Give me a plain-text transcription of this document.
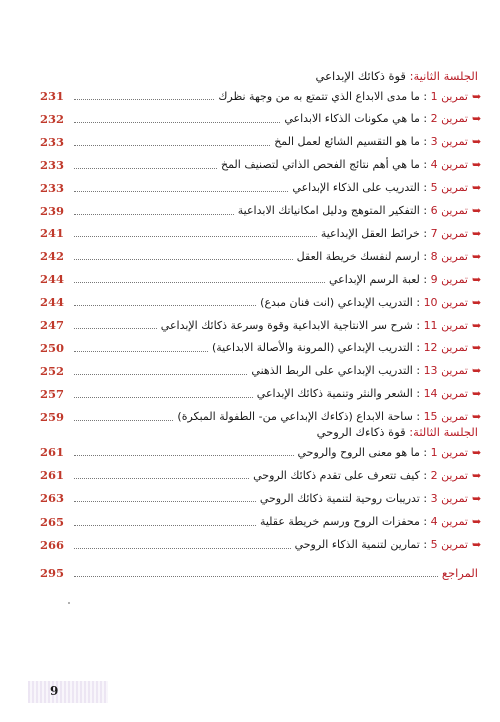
الجلسة الثانية: قوة ذكائك الإبداعي
➥
تمرين 1 : ما مدى الابداع الذي تتمتع به من وجهة نظرك
231
➥
تمرين 2 : ما هي مكونات الذكاء الابداعي
232
➥
تمرين 3 : ما هو التقسيم الشائع لعمل المخ
233
➥
تمرين 4 : ما هي أهم نتائج الفحص الذاتي لتصنيف المخ
233
➥
تمرين 5 : التدريب على الذكاء الإبداعي
233
➥
تمرين 6 : التفكير المتوهج ودليل امكانياتك الابداعية
239
➥
تمرين 7 : خرائط العقل الإبداعية
241
➥
تمرين 8 : ارسم لنفسك خريطة العقل
242
➥
تمرين 9 : لعبة الرسم الإبداعي
244
➥
تمرين 10 : التدريب الإبداعي (انت فنان مبدع)
244
➥
تمرين 11 : شرح سر الانتاجية الابداعية وقوة وسرعة ذكائك الإبداعي
247
➥
تمرين 12 : التدريب الإبداعي (المرونة والأصالة الابداعية)
250
➥
تمرين 13 : التدريب الإبداعي على الربط الذهني
252
➥
تمرين 14 : الشعر والنثر وتنمية ذكائك الإبداعي
257
➥
تمرين 15 : ساحة الابداع (ذكاءك الإبداعي من- الطفولة المبكرة)
259
الجلسة الثالثة: قوة ذكاءك الروحي
➥
تمرين 1 : ما هو معنى الروح والروحي
261
➥
تمرين 2 : كيف تتعرف على تقدم ذكائك الروحي
261
➥
تمرين 3 : تدريبات روحية لتنمية ذكائك الروحي
263
➥
تمرين 4 : محفزات الروح ورسم خريطة عقلية
265
➥
تمرين 5 : تمارين لتنمية الذكاء الروحي
266
المراجع
295
9
